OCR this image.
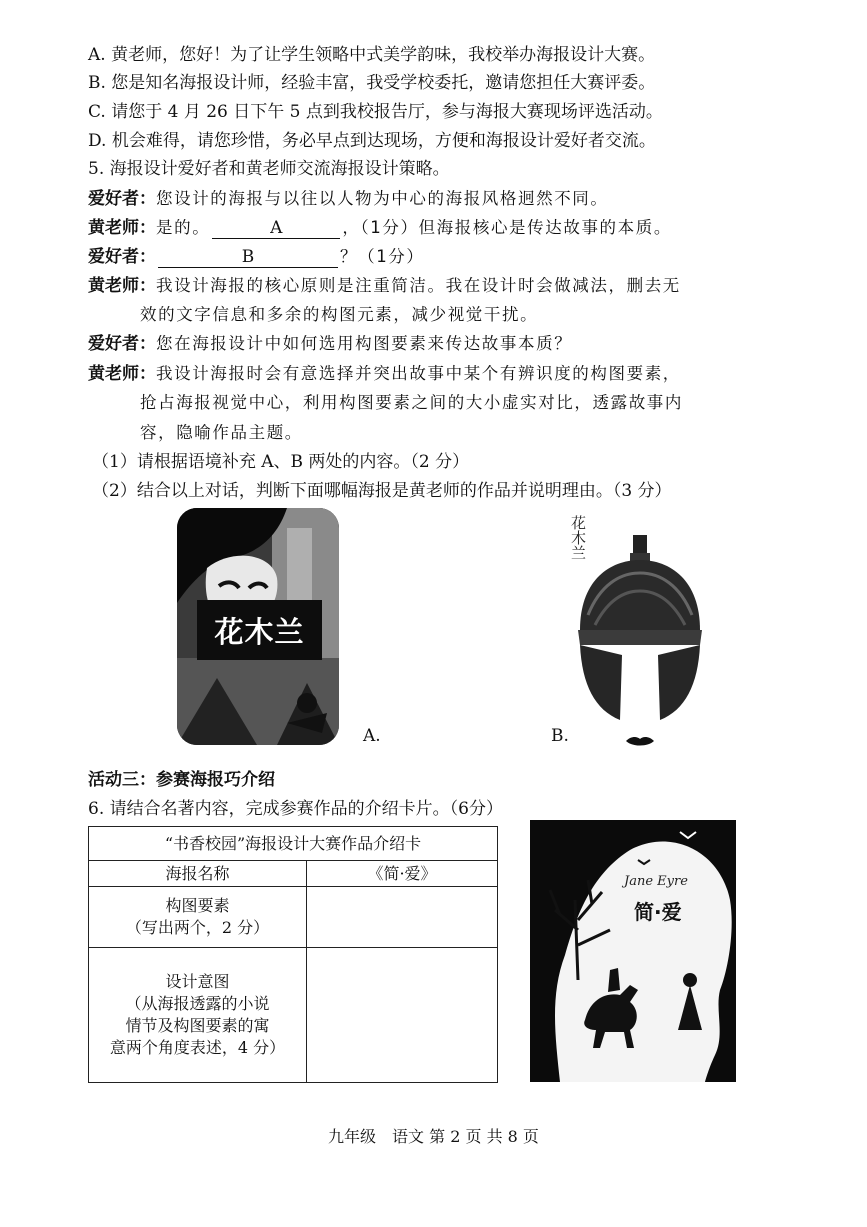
A. 黄老师，您好！为了让学生领略中式美学韵味，我校举办海报设计大赛。
B. 您是知名海报设计师，经验丰富，我受学校委托，邀请您担任大赛评委。
C. 请您于 4 月 26 日下午 5 点到我校报告厅，参与海报大赛现场评选活动。
D. 机会难得，请您珍惜，务必早点到达现场，方便和海报设计爱好者交流。
5. 海报设计爱好者和黄老师交流海报设计策略。
爱好者：您设计的海报与以往以人物为中心的海报风格迥然不同。
黄老师：是的。	A	，（1分）但海报核心是传达故事的本质。
爱好者：	B	？（1分）
黄老师：我设计海报的核心原则是注重简洁。我在设计时会做减法，删去无
效的文字信息和多余的构图元素，减少视觉干扰。
爱好者：您在海报设计中如何选用构图要素来传达故事本质？
黄老师：我设计海报时会有意选择并突出故事中某个有辨识度的构图要素，
抢占海报视觉中心，利用构图要素之间的大小虚实对比，透露故事内
容，隐喻作品主题。
（1）请根据语境补充 A、B 两处的内容。（2 分）
（2）结合以上对话，判断下面哪幅海报是黄老师的作品并说明理由。（3 分）
花木兰
A.
花木兰
B.
活动三：参赛海报巧介绍
6. 请结合名著内容，完成参赛作品的介绍卡片。（6分）
“书香校园”海报设计大赛作品介绍卡	
海报名称	《简·爱》

构图要素
（写出两个，2 分）	

设计意图
（从海报透露的小说
情节及构图要素的寓
意两个角度表述，4 分）	

Jane Eyre
简·爱
九年级　语文 第 2 页 共 8 页
